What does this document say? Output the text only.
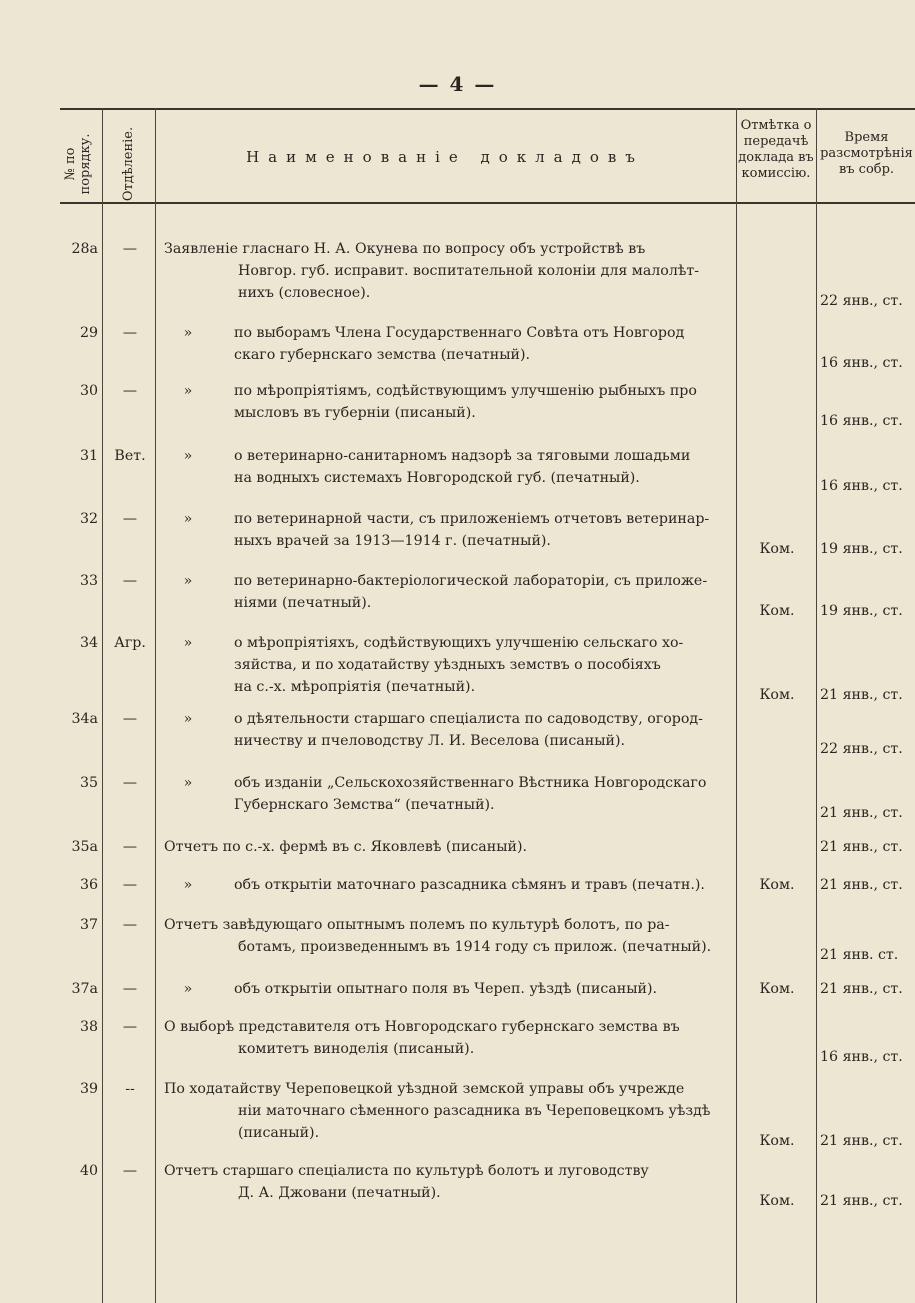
— 4 —
№ по порядку.	Отдѣленіе.	Наименованіе докладовъ
Отмѣтка о передачѣ доклада въ комиссію.
Время разсмотрѣнія въ собр.
28а	—	Заявленіе гласнаго Н. А. Окунева по вопросу объ устройствѣ въ

Новгор. губ. исправит. воспитательной колоніи для малолѣт-

нихъ (словесное).	22 янв., ст.
29	—	»	по выборамъ Члена Государственнаго Совѣта отъ Новгород

скаго губернскаго земства (печатный).	16 янв., ст.
30	—	»	по мѣропріятіямъ, содѣйствующимъ улучшенію рыбныхъ про

мысловъ въ губерніи (писаный).	16 янв., ст.
31	Вет.	»	о ветеринарно-санитарномъ надзорѣ за тяговыми лошадьми

на водныхъ системахъ Новгородской губ. (печатный).	16 янв., ст.
32	—	»	по ветеринарной части, съ приложеніемъ отчетовъ ветеринар-

ныхъ врачей за 1913—1914 г. (печатный).	Ком.	19 янв., ст.
33	—	»	по ветеринарно-бактеріологической лабораторіи, съ приложе-

ніями (печатный).	Ком.	19 янв., ст.
34	Агр.	»	о мѣропріятіяхъ, содѣйствующихъ улучшенію сельскаго хо-

зяйства, и по ходатайству уѣздныхъ земствъ о пособіяхъ

на с.-х. мѣропріятія (печатный).	Ком.	21 янв., ст.
34а	—	»	о дѣятельности старшаго спеціалиста по садоводству, огород-

ничеству и пчеловодству Л. И. Веселова (писаный).	22 янв., ст.
35	—	»	объ изданіи „Сельскохозяйственнаго Вѣстника Новгородскаго

Губернскаго Земства“ (печатный).	21 янв., ст.
35а	—	Отчетъ по с.-х. фермѣ въ с. Яковлевѣ (писаный).	21 янв., ст.
36	—	»	объ открытіи маточнаго разсадника сѣмянъ и травъ (печатн.).	Ком.	21 янв., ст.
37	—	Отчетъ завѣдующаго опытнымъ полемъ по культурѣ болотъ, по ра-

ботамъ, произведеннымъ въ 1914 году съ прилож. (печатный).	21 янв. ст.
37а	—	»	объ открытіи опытнаго поля въ Череп. уѣздѣ (писаный).	Ком.	21 янв., ст.
38	—	О выборѣ представителя отъ Новгородскаго губернскаго земства въ

комитетъ виноделія (писаный).	16 янв., ст.
39	--	По ходатайству Череповецкой уѣздной земской управы объ учрежде

ніи маточнаго сѣменного разсадника въ Череповецкомъ уѣздѣ

(писаный).	Ком.	21 янв., ст.
40	—	Отчетъ старшаго спеціалиста по культурѣ болотъ и луговодству

Д. А. Джовани (печатный).	Ком.	21 янв., ст.
